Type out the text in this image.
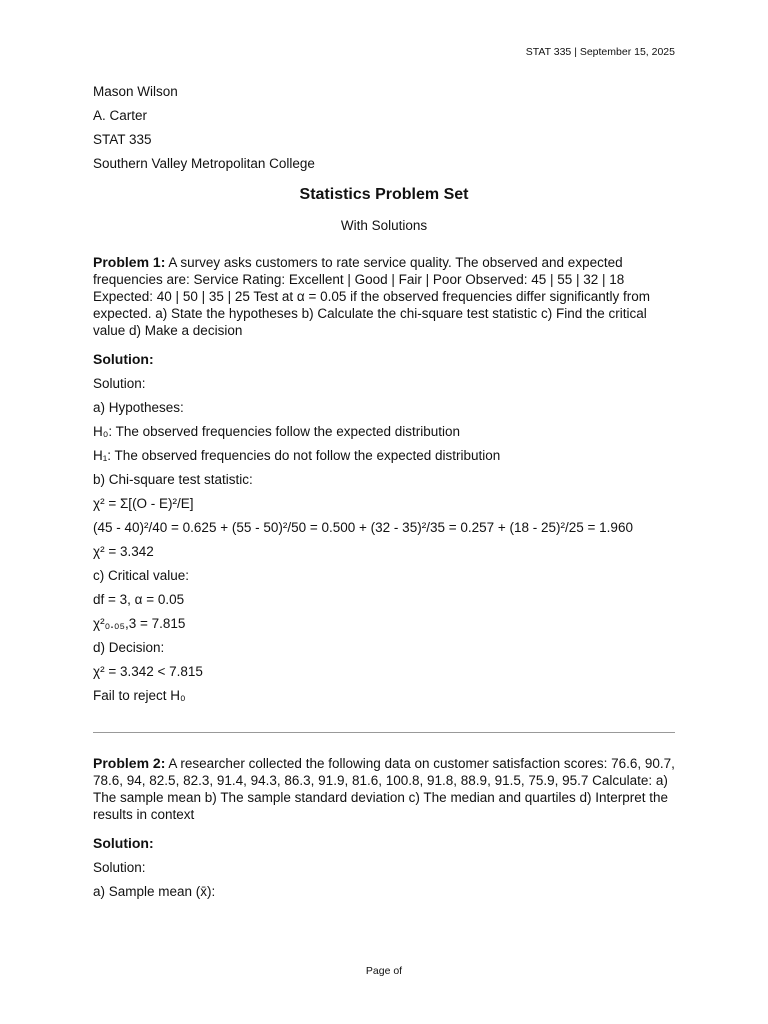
STAT 335 | September 15, 2025
Mason Wilson
A. Carter
STAT 335
Southern Valley Metropolitan College
Statistics Problem Set
With Solutions
Problem 1: A survey asks customers to rate service quality. The observed and expected frequencies are: Service Rating: Excellent | Good | Fair | Poor Observed: 45 | 55 | 32 | 18 Expected: 40 | 50 | 35 | 25 Test at α = 0.05 if the observed frequencies differ significantly from expected. a) State the hypotheses b) Calculate the chi-square test statistic c) Find the critical value d) Make a decision
Solution:
Solution:
a) Hypotheses:
H₀: The observed frequencies follow the expected distribution
H₁: The observed frequencies do not follow the expected distribution
b) Chi-square test statistic:
χ² = Σ[(O - E)²/E]
(45 - 40)²/40 = 0.625 + (55 - 50)²/50 = 0.500 + (32 - 35)²/35 = 0.257 + (18 - 25)²/25 = 1.960
χ² = 3.342
c) Critical value:
df = 3, α = 0.05
χ²₀.₀₅,3 = 7.815
d) Decision:
χ² = 3.342 < 7.815
Fail to reject H₀
Problem 2: A researcher collected the following data on customer satisfaction scores: 76.6, 90.7, 78.6, 94, 82.5, 82.3, 91.4, 94.3, 86.3, 91.9, 81.6, 100.8, 91.8, 88.9, 91.5, 75.9, 95.7 Calculate: a) The sample mean b) The sample standard deviation c) The median and quartiles d) Interpret the results in context
Solution:
Solution:
a) Sample mean (x̄):
Page of
